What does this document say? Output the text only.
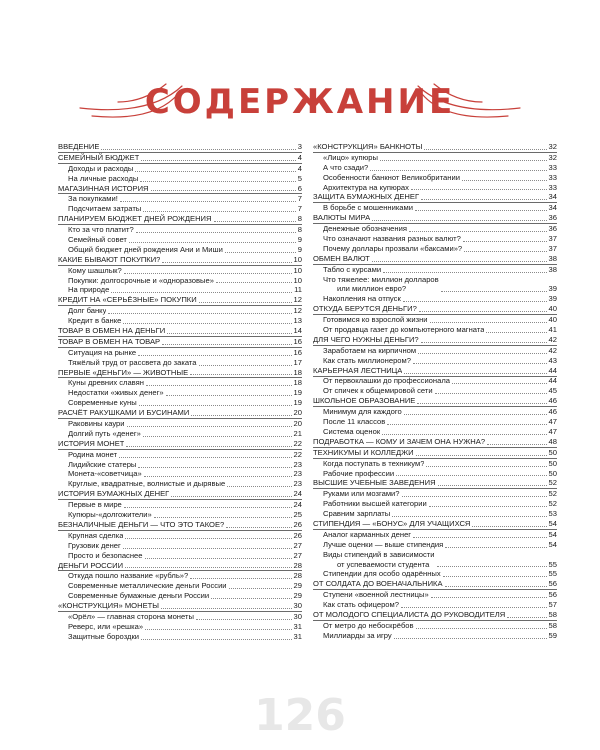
СОДЕРЖАНИЕ
ВВЕДЕНИЕ	3
СЕМЕЙНЫЙ БЮДЖЕТ	4
Доходы и расходы	4
На личные расходы	5
МАГАЗИННАЯ ИСТОРИЯ	6
За покупками!	7
Подсчитаем затраты	7
ПЛАНИРУЕМ БЮДЖЕТ ДНЕЙ РОЖДЕНИЯ	8
Кто за что платит?	8
Семейный совет	9
Общий бюджет дней рождения Ани и Миши	9
КАКИЕ БЫВАЮТ ПОКУПКИ?	10
Кому шашлык?	10
Покупки: долгосрочные и «одноразовые»	10
На природе	11
КРЕДИТ НА «СЕРЬЁЗНЫЕ» ПОКУПКИ	12
Долг банку	12
Кредит в банке	13
ТОВАР В ОБМЕН НА ДЕНЬГИ	14
ТОВАР В ОБМЕН НА ТОВАР	16
Ситуация на рынке	16
Тяжёлый труд от рассвета до заката	17
ПЕРВЫЕ «ДЕНЬГИ» — ЖИВОТНЫЕ	18
Куны древних славян	18
Недостатки «живых денег»	19
Современные куны	19
РАСЧЁТ РАКУШКАМИ И БУСИНАМИ	20
Раковины каури	20
Долгий путь «денег»	21
ИСТОРИЯ МОНЕТ	22
Родина монет	22
Лидийские статеры	23
Монета-«советчица»	23
Круглые, квадратные, волнистые и дырявые	23
ИСТОРИЯ БУМАЖНЫХ ДЕНЕГ	24
Первые в мире	24
Купюры-«долгожители»	25
БЕЗНАЛИЧНЫЕ ДЕНЬГИ — ЧТО ЭТО ТАКОЕ?	26
Крупная сделка	26
Грузовик денег	27
Просто и безопаснее	27
ДЕНЬГИ РОССИИ	28
Откуда пошло название «рубль»?	28
Современные металлические деньги России	29
Современные бумажные деньги России	29
«КОНСТРУКЦИЯ» МОНЕТЫ	30
«Орёл» — главная сторона монеты	30
Реверс, или «решка»	31
Защитные бороздки	31
«КОНСТРУКЦИЯ» БАНКНОТЫ	32
«Лицо» купюры	32
А что сзади?	33
Особенности банкнот Великобритании	33
Архитектура на купюрах	33
ЗАЩИТА БУМАЖНЫХ ДЕНЕГ	34
В борьбе с мошенниками	34
ВАЛЮТЫ МИРА	36
Денежные обозначения	36
Что означают названия разных валют?	37
Почему доллары прозвали «баксами»?	37
ОБМЕН ВАЛЮТ	38
Табло с курсами	38
Что тяжелее: миллион долларов
или миллион евро?	39
Накопления на отпуск	39
ОТКУДА БЕРУТСЯ ДЕНЬГИ?	40
Готовимся ко взрослой жизни	40
От продавца газет до компьютерного магната	41
ДЛЯ ЧЕГО НУЖНЫ ДЕНЬГИ?	42
Заработаем на кирпичном	42
Как стать миллионером?	43
КАРЬЕРНАЯ ЛЕСТНИЦА	44
От первоклашки до профессионала	44
От спичек к общемировой сети	45
ШКОЛЬНОЕ ОБРАЗОВАНИЕ	46
Минимум для каждого	46
После 11 классов	47
Система оценок	47
ПОДРАБОТКА — КОМУ И ЗАЧЕМ ОНА НУЖНА?	48
ТЕХНИКУМЫ И КОЛЛЕДЖИ	50
Когда поступать в техникум?	50
Рабочие профессии	50
ВЫСШИЕ УЧЕБНЫЕ ЗАВЕДЕНИЯ	52
Руками или мозгами?	52
Работники высшей категории	52
Сравним зарплаты	53
СТИПЕНДИЯ — «БОНУС» ДЛЯ УЧАЩИХСЯ	54
Аналог карманных денег	54
Лучше оценки — выше стипендия	54
Виды стипендий в зависимости
от успеваемости студента	55
Стипендии для особо одарённых	55
ОТ СОЛДАТА ДО ВОЕНАЧАЛЬНИКА	56
Ступени «военной лестницы»	56
Как стать офицером?	57
ОТ МОЛОДОГО СПЕЦИАЛИСТА ДО РУКОВОДИТЕЛЯ	58
От метро до небоскрёбов	58
Миллиарды за игру	59
126
